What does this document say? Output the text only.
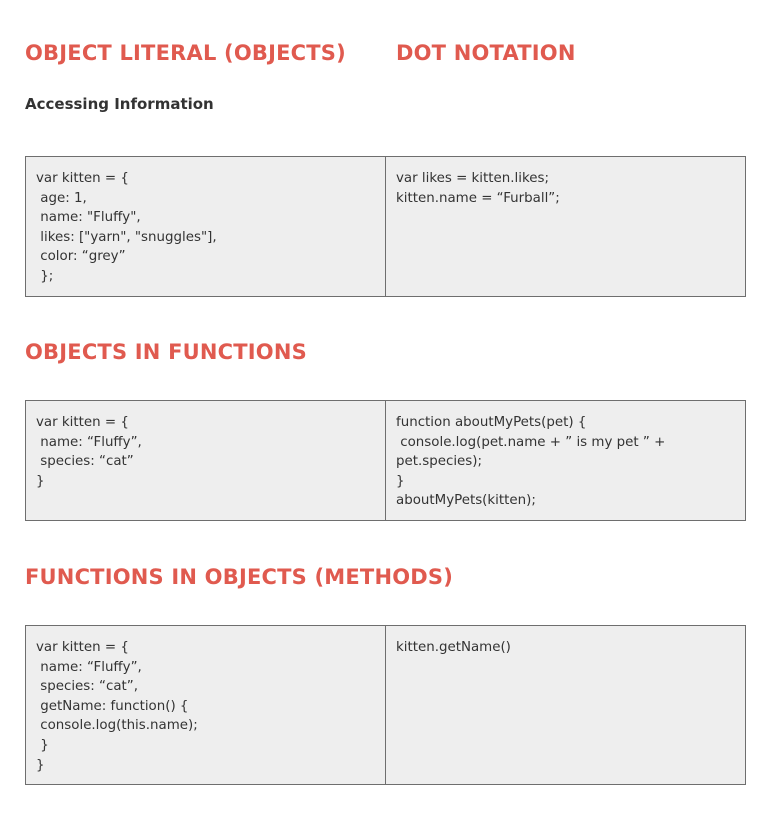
OBJECT LITERAL (OBJECTS) DOT NOTATION
Accessing Information
var kitten = {
age: 1,
name: "Fluffy",
likes: ["yarn", "snuggles"],
color: “grey”
};
var likes = kitten.likes;
kitten.name = “Furball”;
OBJECTS IN FUNCTIONS
var kitten = {
name: “Fluffy”,
species: “cat”
}
function aboutMyPets(pet) {
console.log(pet.name + ” is my pet ” +
pet.species);
}
aboutMyPets(kitten);
FUNCTIONS IN OBJECTS (METHODS)
var kitten = {
name: “Fluffy”,
species: “cat”,
getName: function() {
console.log(this.name);
}
}
kitten.getName()
